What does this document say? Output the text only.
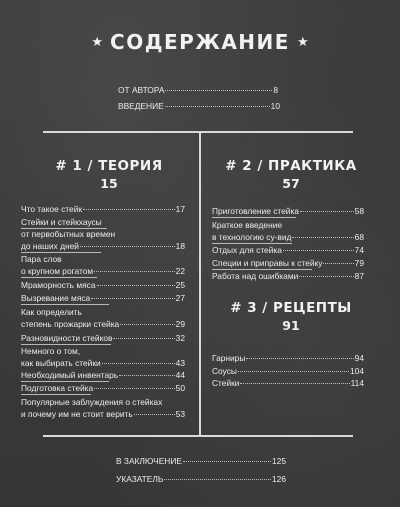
★ СОДЕРЖАНИЕ ★
ОТ АВТОРА	8
ВВЕДЕНИЕ	10
# 1 / ТЕОРИЯ
15
# 2 / ПРАКТИКА
57
# 3 / РЕЦЕПТЫ
91
Что такое стейк	17
Стейки и стейкхаусы
от первобытных времен
до наших дней	18
Пара слов
о крупном рогатом	22
Мраморность мяса	25
Вызревание мяса	27
Как определить
степень прожарки стейка	29
Разновидности стейков	32
Немного о том,
как выбирать стейки	43
Необходимый инвентарь	44
Подготовка стейка	50
Популярные заблуждения о стейках
и почему им не стоит верить	53
Приготовление стейка	58
Краткое введение
в технологию су-вид	68
Отдых для стейка	74
Специи и приправы к стейку	79
Работа над ошибками	87
Гарниры	94
Соусы	104
Стейки	114
В ЗАКЛЮЧЕНИЕ	125
УКАЗАТЕЛЬ	126
